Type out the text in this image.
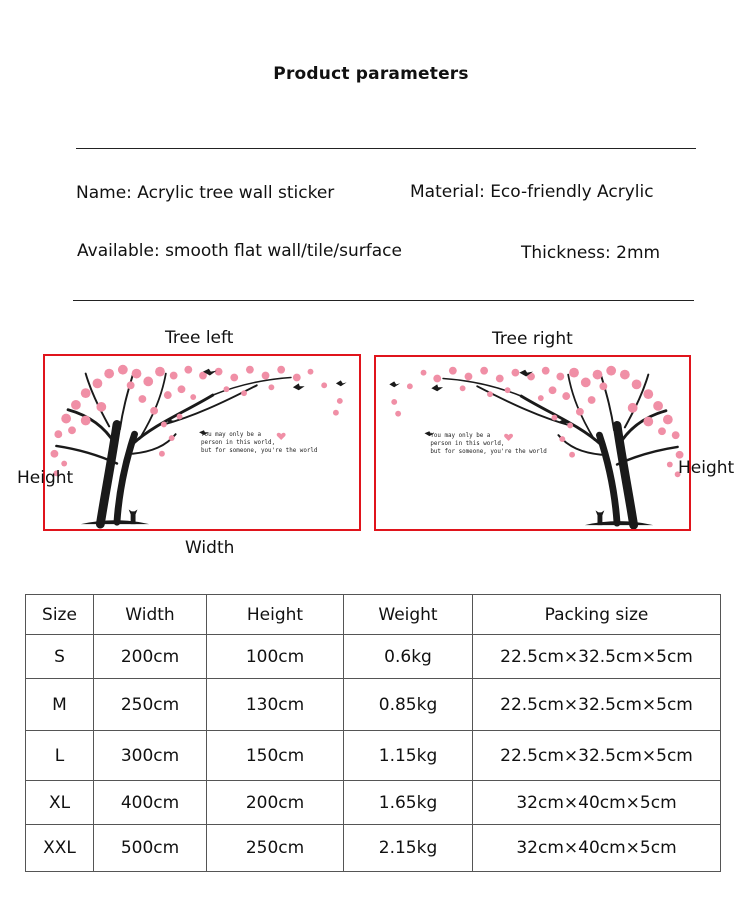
Product parameters
Name: Acrylic tree wall sticker	Material: Eco-friendly Acrylic
Available: smooth flat wall/tile/surface	Thickness: 2mm
Tree left	Tree right
You may only be a
person in this world,
but for someone, you're the world
You may only be a
person in this world,
but for someone, you're the world
Height	Height
Width
Size	Width	Height	Weight	Packing size
S	200cm	100cm	0.6kg	22.5cm×32.5cm×5cm
M	250cm	130cm	0.85kg	22.5cm×32.5cm×5cm
L	300cm	150cm	1.15kg	22.5cm×32.5cm×5cm
XL	400cm	200cm	1.65kg	32cm×40cm×5cm
XXL	500cm	250cm	2.15kg	32cm×40cm×5cm
